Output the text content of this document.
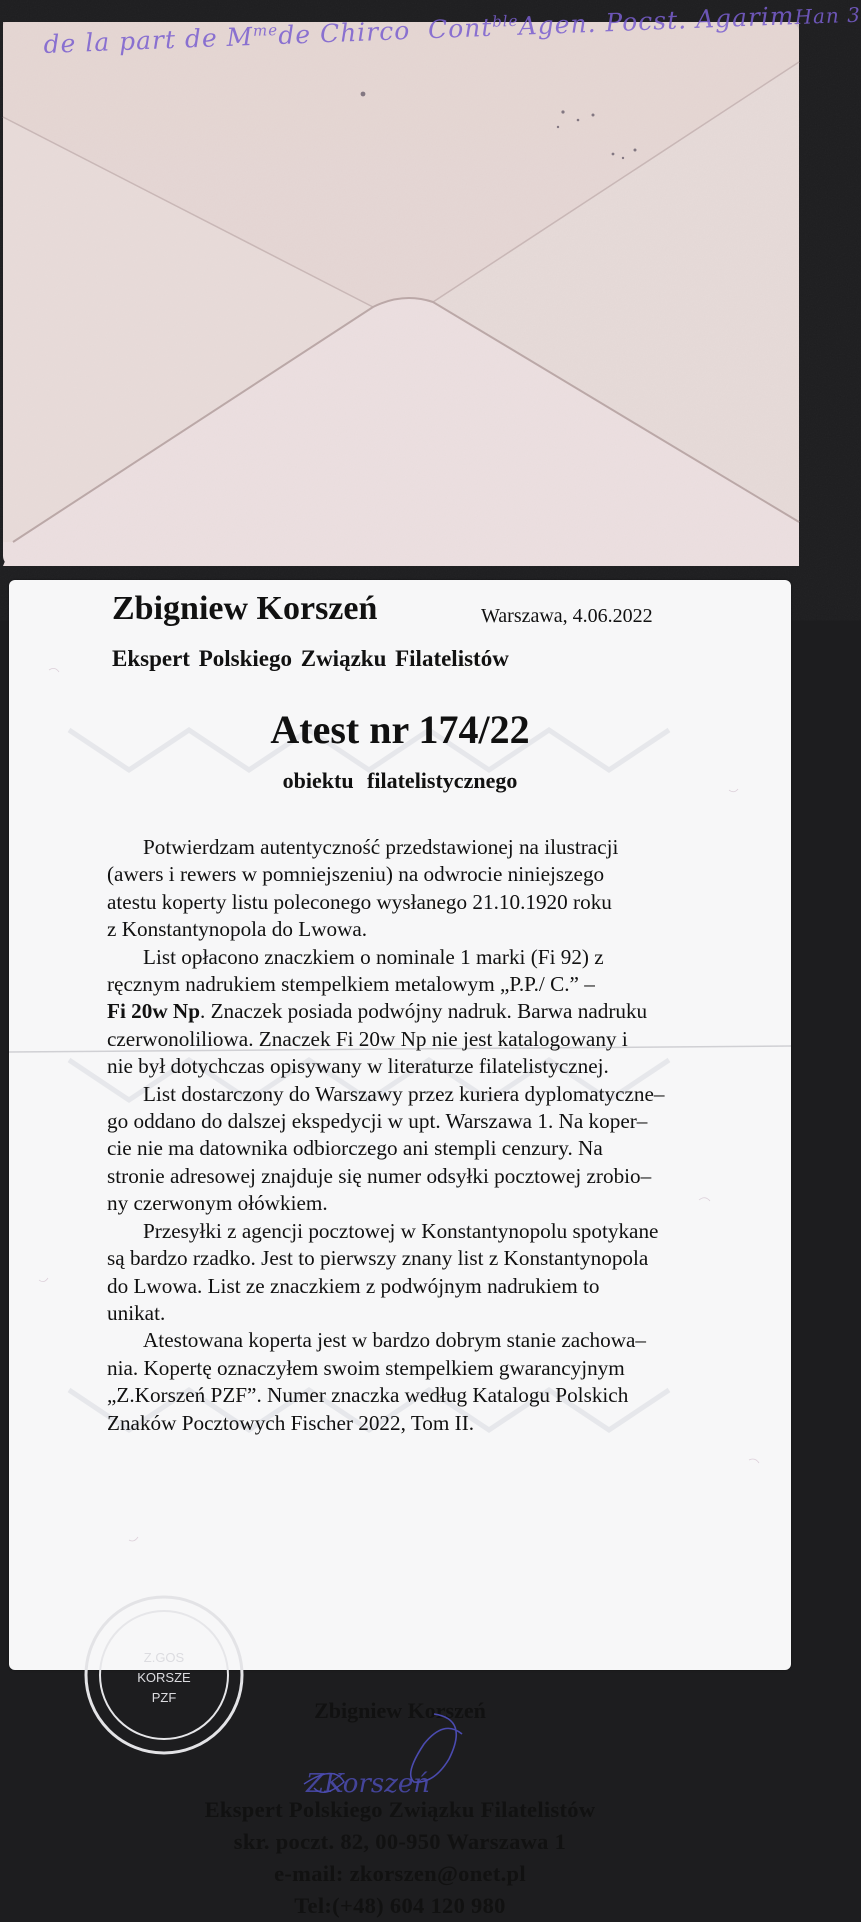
de la part de $M^{me}de$ Chirco Cont$^{ble}$Agen. Pocst. AgarimHan 3
Zbigniew Korszeń	Warszawa, 4.06.2022
Ekspert Polskiego Związku Filatelistów
Atest nr 174/22
obiektu filatelistycznego
Potwierdzam autentyczność przedstawionej na ilustracji
(awers i rewers w pomniejszeniu) na odwrocie niniejszego
atestu koperty listu poleconego wysłanego 21.10.1920 roku
z Konstantynopola do Lwowa.
List opłacono znaczkiem o nominale 1 marki (Fi 92) z
ręcznym nadrukiem stempelkiem metalowym „P.P./ C.” –
Fi 20w Np. Znaczek posiada podwójny nadruk. Barwa nadruku
czerwonoliliowa. Znaczek Fi 20w Np nie jest katalogowany i
nie był dotychczas opisywany w literaturze filatelistycznej.
List dostarczony do Warszawy przez kuriera dyplomatyczne–
go oddano do dalszej ekspedycji w upt. Warszawa 1. Na koper–
cie nie ma datownika odbiorczego ani stempli cenzury. Na
stronie adresowej znajduje się numer odsyłki pocztowej zrobio–
ny czerwonym ołówkiem.
Przesyłki z agencji pocztowej w Konstantynopolu spotykane
są bardzo rzadko. Jest to pierwszy znany list z Konstantynopola
do Lwowa. List ze znaczkiem z podwójnym nadrukiem to
unikat.
Atestowana koperta jest w bardzo dobrym stanie zachowa–
nia. Kopertę oznaczyłem swoim stempelkiem gwarancyjnym
„Z.Korszeń PZF”. Numer znaczka według Katalogu Polskich
Znaków Pocztowych Fischer 2022, Tom II.
Z.GOS
KORSZE
PZF
Zbigniew Korszeń
ZKorszeń
Ekspert Polskiego Związku Filatelistów
skr. poczt. 82, 00-950 Warszawa 1
e-mail: zkorszen@onet.pl
Tel:(+48) 604 120 980
